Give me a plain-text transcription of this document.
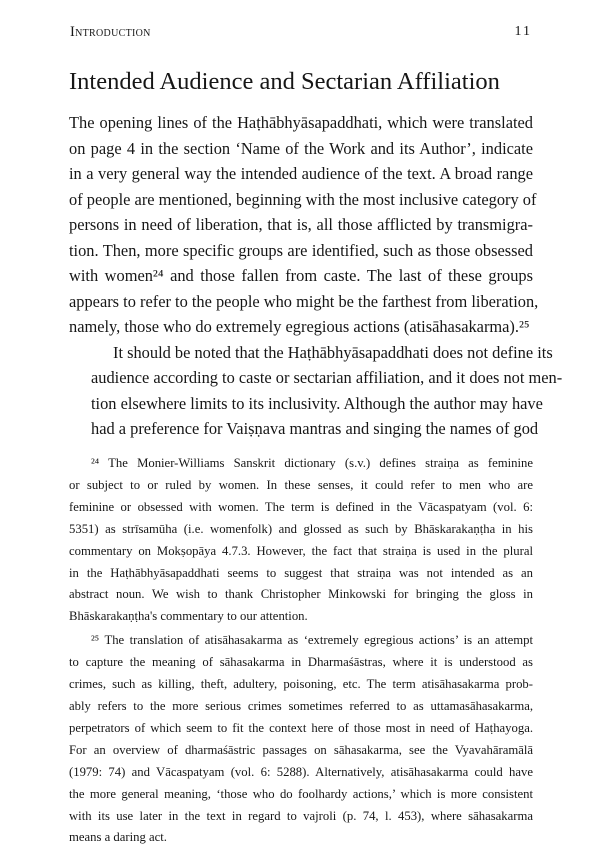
Introduction	11
Intended Audience and Sectarian Affiliation

The opening lines of the Haṭhābhyāsapaddhati, which were translated
on page 4 in the section ‘Name of the Work and its Author’, indicate
in a very general way the intended audience of the text. A broad range
of people are mentioned, beginning with the most inclusive category of
persons in need of liberation, that is, all those afflicted by transmigra-
tion. Then, more specific groups are identified, such as those obsessed
with women²⁴ and those fallen from caste. The last of these groups
appears to refer to the people who might be the farthest from liberation,
namely, those who do extremely egregious actions (atisāhasakarma).²⁵

It should be noted that the Haṭhābhyāsapaddhati does not define its
audience according to caste or sectarian affiliation, and it does not men-
tion elsewhere limits to its inclusivity. Although the author may have
had a preference for Vaiṣṇava mantras and singing the names of god

²⁴ The Monier-Williams Sanskrit dictionary (s.v.) defines straiṇa as feminine
or subject to or ruled by women. In these senses, it could refer to men who are
feminine or obsessed with women. The term is defined in the Vācaspatyam (vol. 6:
5351) as strīsamūha (i.e. womenfolk) and glossed as such by Bhāskarakaṇṭha in his
commentary on Mokṣopāya 4.7.3. However, the fact that straiṇa is used in the plural
in the Haṭhābhyāsapaddhati seems to suggest that straiṇa was not intended as an
abstract noun. We wish to thank Christopher Minkowski for bringing the gloss in
Bhāskarakaṇṭha's commentary to our attention.
²⁵ The translation of atisāhasakarma as ‘extremely egregious actions’ is an attempt
to capture the meaning of sāhasakarma in Dharmaśāstras, where it is understood as
crimes, such as killing, theft, adultery, poisoning, etc. The term atisāhasakarma prob-
ably refers to the more serious crimes sometimes referred to as uttamasāhasakarma,
perpetrators of which seem to fit the context here of those most in need of Haṭhayoga.
For an overview of dharmaśāstric passages on sāhasakarma, see the Vyavahāramālā
(1979: 74) and Vācaspatyam (vol. 6: 5288). Alternatively, atisāhasakarma could have
the more general meaning, ‘those who do foolhardy actions,’ which is more consistent
with its use later in the text in regard to vajroli (p. 74, l. 453), where sāhasakarma
means a daring act.
